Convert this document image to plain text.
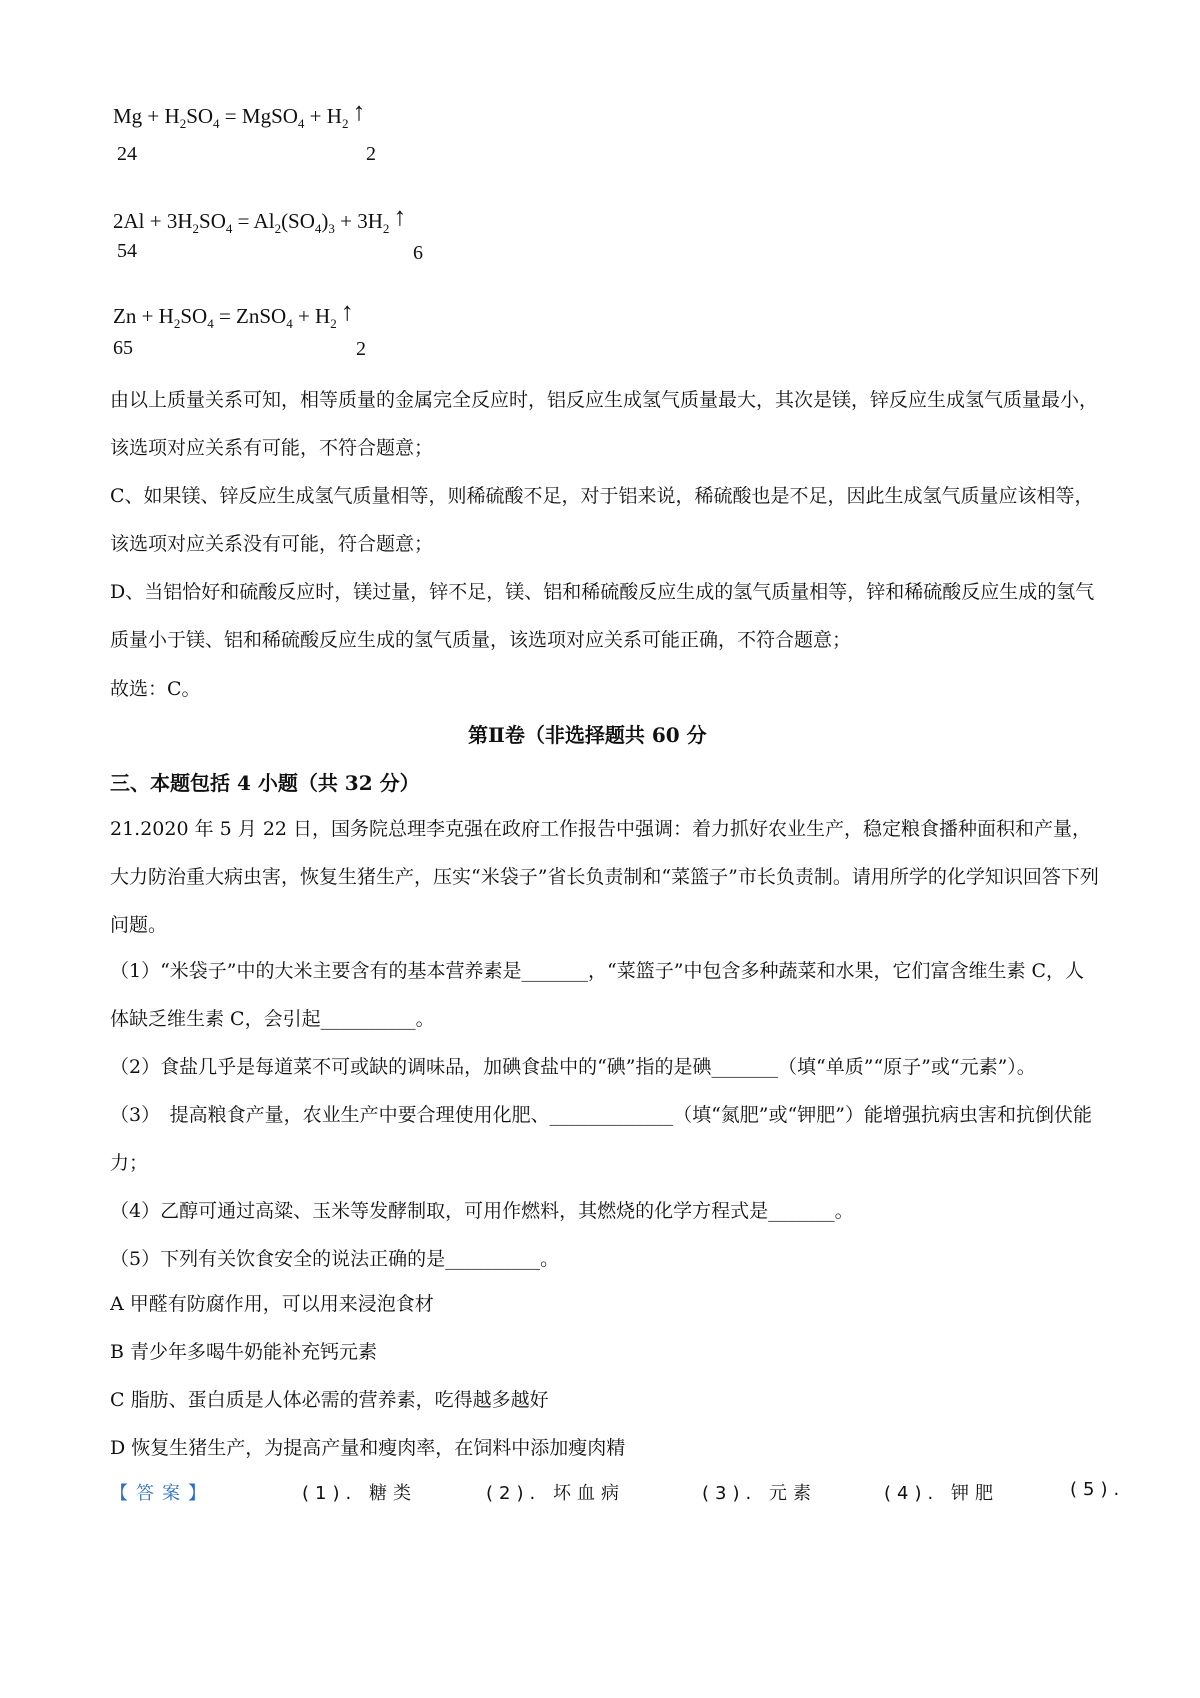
$Mg + H_2SO_4$ = MgSO$_4$ + $H_2$ ↑
24	2
$2Al + 3H_2SO_4 = Al_2(SO_4)_3 + 3H_2$ ↑
54	6
$Zn + H_2SO_4$ = ZnSO$_4$ + $H_2$ ↑
65	2
由以上质量关系可知，相等质量的金属完全反应时，铝反应生成氢气质量最大，其次是镁，锌反应生成氢气质量最小，该选项对应关系有可能，不符合题意；
C、如果镁、锌反应生成氢气质量相等，则稀硫酸不足，对于铝来说，稀硫酸也是不足，因此生成氢气质量应该相等，该选项对应关系没有可能，符合题意；
D、当铝恰好和硫酸反应时，镁过量，锌不足，镁、铝和稀硫酸反应生成的氢气质量相等，锌和稀硫酸反应生成的氢气质量小于镁、铝和稀硫酸反应生成的氢气质量，该选项对应关系可能正确，不符合题意；
故选：C。
第Ⅱ卷（非选择题共 60 分
三、本题包括 4 小题（共 32 分）
21.2020 年 5 月 22 日，国务院总理李克强在政府工作报告中强调：着力抓好农业生产，稳定粮食播种面积和产量，大力防治重大病虫害，恢复生猪生产，压实“米袋子”省长负责制和“菜篮子”市长负责制。请用所学的化学知识回答下列问题。
（1）“米袋子”中的大米主要含有的基本营养素是_______，“菜篮子”中包含多种蔬菜和水果，它们富含维生素 C，人体缺乏维生素 C，会引起__________。
（2）食盐几乎是每道菜不可或缺的调味品，加碘食盐中的“碘”指的是碘_______（填“单质”“原子”或“元素”）。
（3）　提高粮食产量，农业生产中要合理使用化肥、_____________（填“氮肥”或“钾肥”）能增强抗病虫害和抗倒伏能力；
（4）乙醇可通过高粱、玉米等发酵制取，可用作燃料，其燃烧的化学方程式是_______。
（5）下列有关饮食安全的说法正确的是__________。
A 甲醛有防腐作用，可以用来浸泡食材
B 青少年多喝牛奶能补充钙元素
C 脂肪、蛋白质是人体必需的营养素，吃得越多越好
D 恢复生猪生产，为提高产量和瘦肉率，在饲料中添加瘦肉精
【答案】	(1). 糖类	(2). 坏血病	(3). 元素	(4). 钾肥	(5).
